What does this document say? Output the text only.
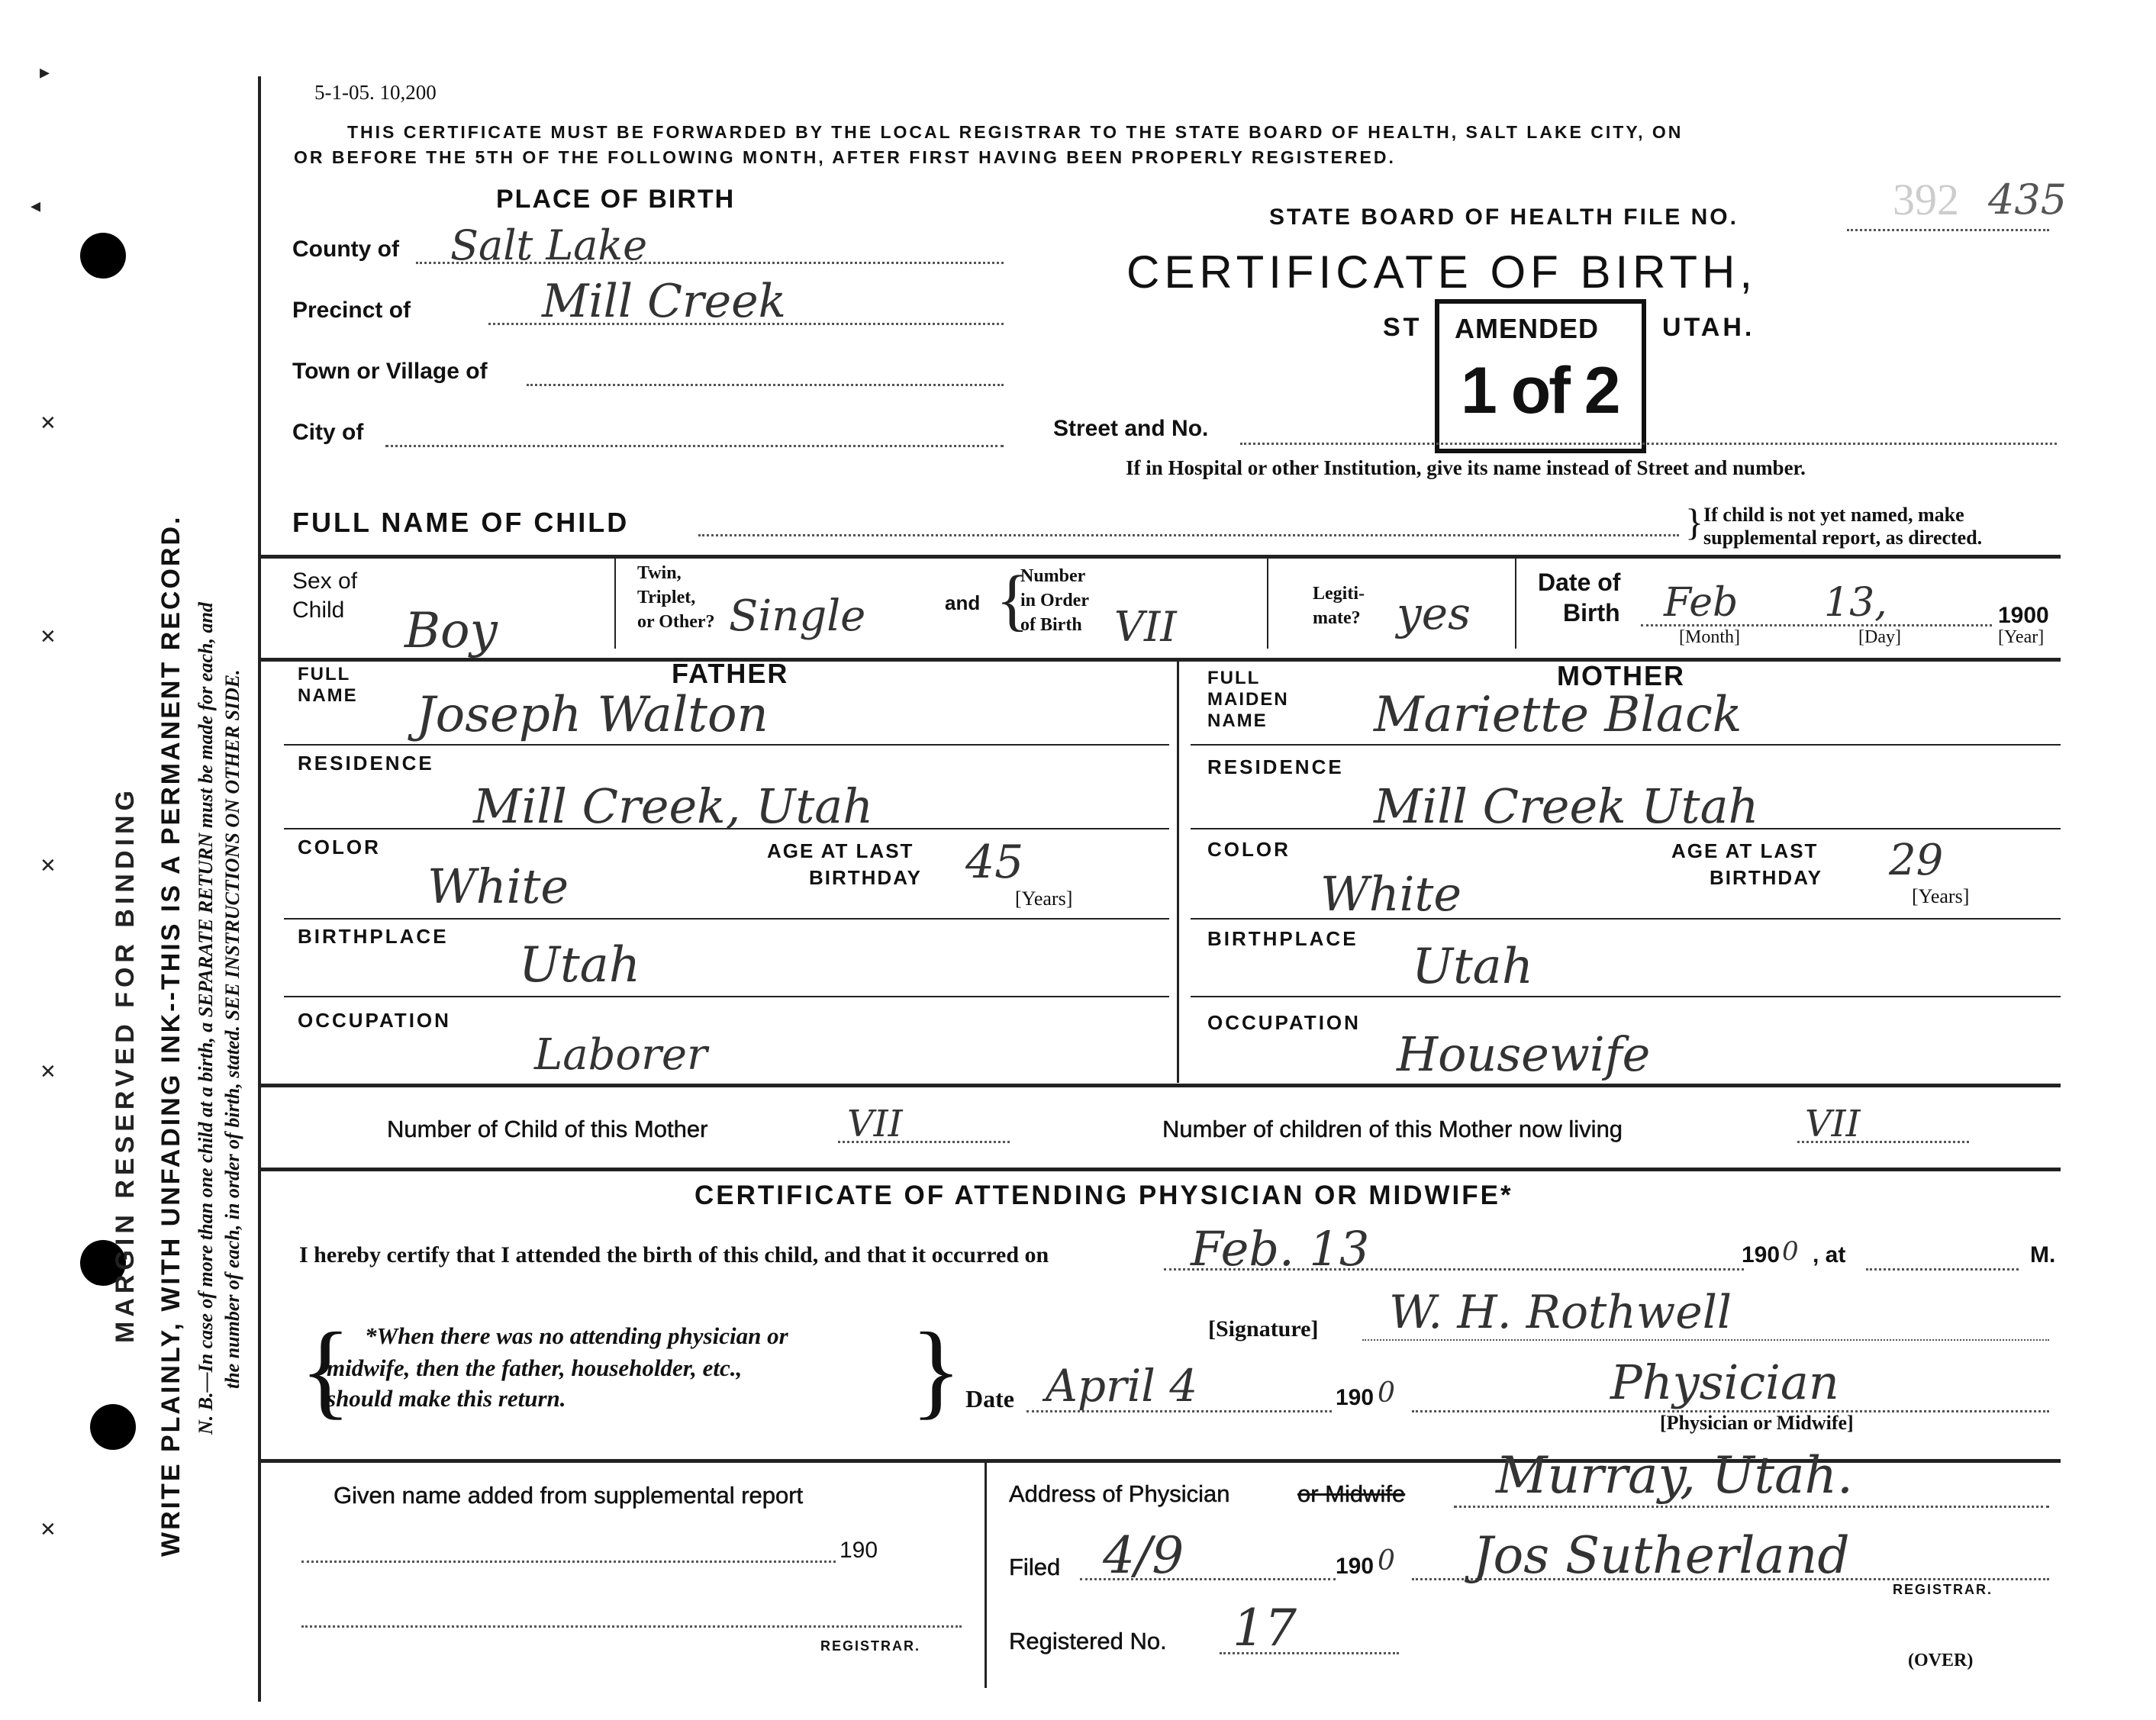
▸
◂
✕
✕
✕
✕
✕	WRITE PLAINLY, WITH UNFADING INK--THIS IS A PERMANENT RECORD.
MARGIN RESERVED FOR BINDING	N. B.—In case of more than one child at a birth, a SEPARATE RETURN must be made for each, and the number of each, in order of birth, stated. SEE INSTRUCTIONS ON OTHER SIDE.
5-1-05. 10,200
THIS CERTIFICATE MUST BE FORWARDED BY THE LOCAL REGISTRAR TO THE STATE BOARD OF HEALTH, SALT LAKE CITY, ON
OR BEFORE THE 5TH OF THE FOLLOWING MONTH, AFTER FIRST HAVING BEEN PROPERLY REGISTERED.
PLACE OF BIRTH
County of Salt Lake
Precinct of	Mill Creek
Town or Village of
City of
STATE BOARD OF HEALTH FILE NO.	392 435
CERTIFICATE OF BIRTH,
ST	UTAH.
AMENDED
1 of 2
Street and No.
If in Hospital or other Institution, give its name instead of Street and number.
FULL NAME OF CHILD	} If child is not yet named, make
supplemental report, as directed.
Sex of
Child Boy
Twin,
Triplet,
or Other? Single	and {
Number
in Order
of Birth VII
Legiti-
mate? yes
Date of
Birth Feb 13,	1900
[Month]	[Day]	[Year]
FATHER
FULL
NAME Joseph Walton
RESIDENCE
Mill Creek, Utah
COLOR
White
AGE AT LAST
BIRTHDAY 45
[Years]
BIRTHPLACE
Utah
OCCUPATION
Laborer
MOTHER
FULL
MAIDEN
NAME Mariette Black
RESIDENCE
Mill Creek Utah
COLOR
White
AGE AT LAST
BIRTHDAY 29
[Years]
BIRTHPLACE Utah
OCCUPATION
Housewife
Number of Child of this Mother	VII	Number of children of this Mother now living	VII
CERTIFICATE OF ATTENDING PHYSICIAN OR MIDWIFE*
I hereby certify that I attended the birth of this child, and that it occurred on	Feb. 13	190 0 , at	M.
{ *When there was no attending physician or
midwife, then the father, householder, etc.,
should make this return.	}	[Signature] W. H. Rothwell
Date April 4	190 0	Physician
[Physician or Midwife]
Given name added from supplemental report
190
REGISTRAR.
Address of Physician	or Midwife Murray, Utah.
Filed 4/9	190 0 Jos Sutherland
REGISTRAR.
Registered No. 17
(OVER)
